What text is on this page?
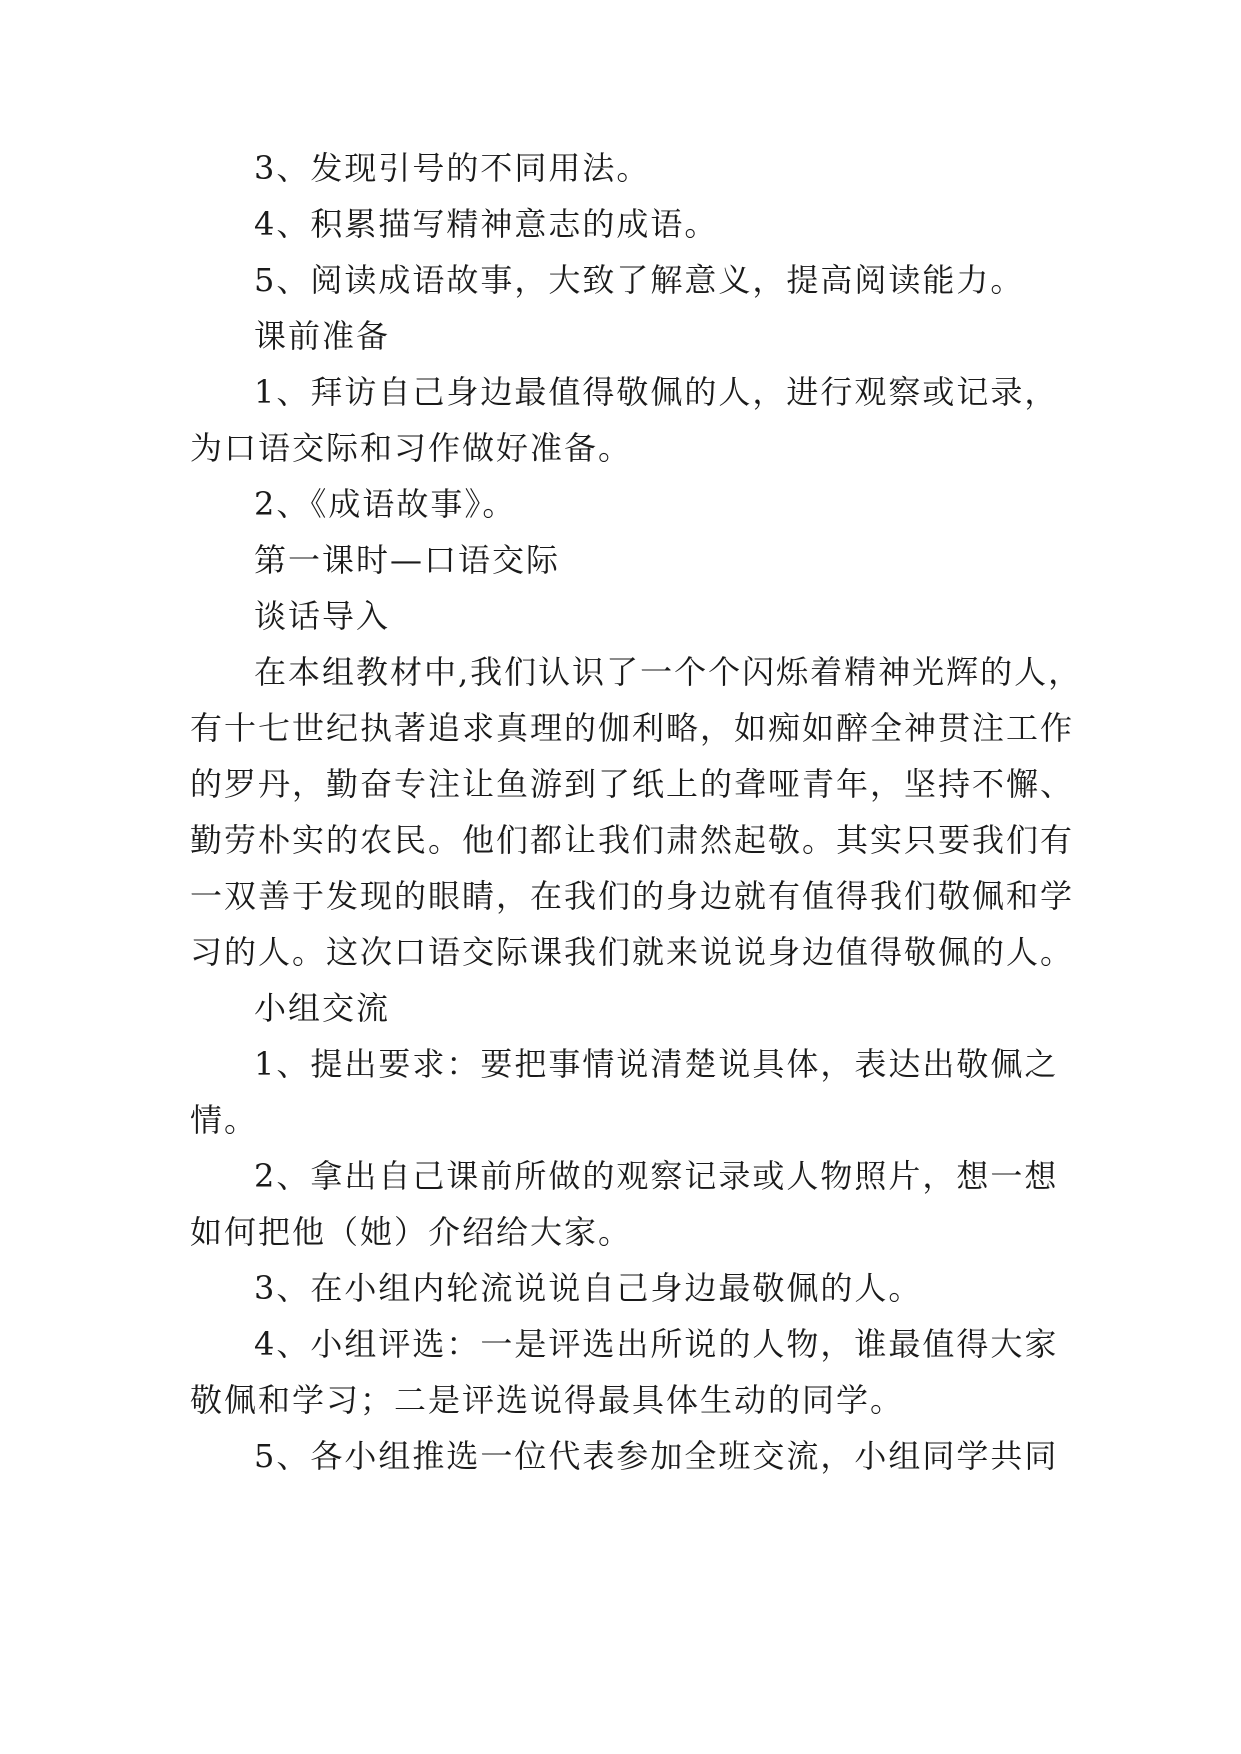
3、发现引号的不同用法。
4、积累描写精神意志的成语。
5、阅读成语故事，大致了解意义，提高阅读能力。
课前准备
1、拜访自己身边最值得敬佩的人，进行观察或记录，
为口语交际和习作做好准备。
2、《成语故事》。
第一课时—口语交际
谈话导入
在本组教材中,我们认识了一个个闪烁着精神光辉的人，
有十七世纪执著追求真理的伽利略，如痴如醉全神贯注工作
的罗丹，勤奋专注让鱼游到了纸上的聋哑青年，坚持不懈、
勤劳朴实的农民。他们都让我们肃然起敬。其实只要我们有
一双善于发现的眼睛，在我们的身边就有值得我们敬佩和学
习的人。这次口语交际课我们就来说说身边值得敬佩的人。
小组交流
1、提出要求：要把事情说清楚说具体，表达出敬佩之
情。
2、拿出自己课前所做的观察记录或人物照片，想一想
如何把他（她）介绍给大家。
3、在小组内轮流说说自己身边最敬佩的人。
4、小组评选：一是评选出所说的人物，谁最值得大家
敬佩和学习；二是评选说得最具体生动的同学。
5、各小组推选一位代表参加全班交流，小组同学共同
